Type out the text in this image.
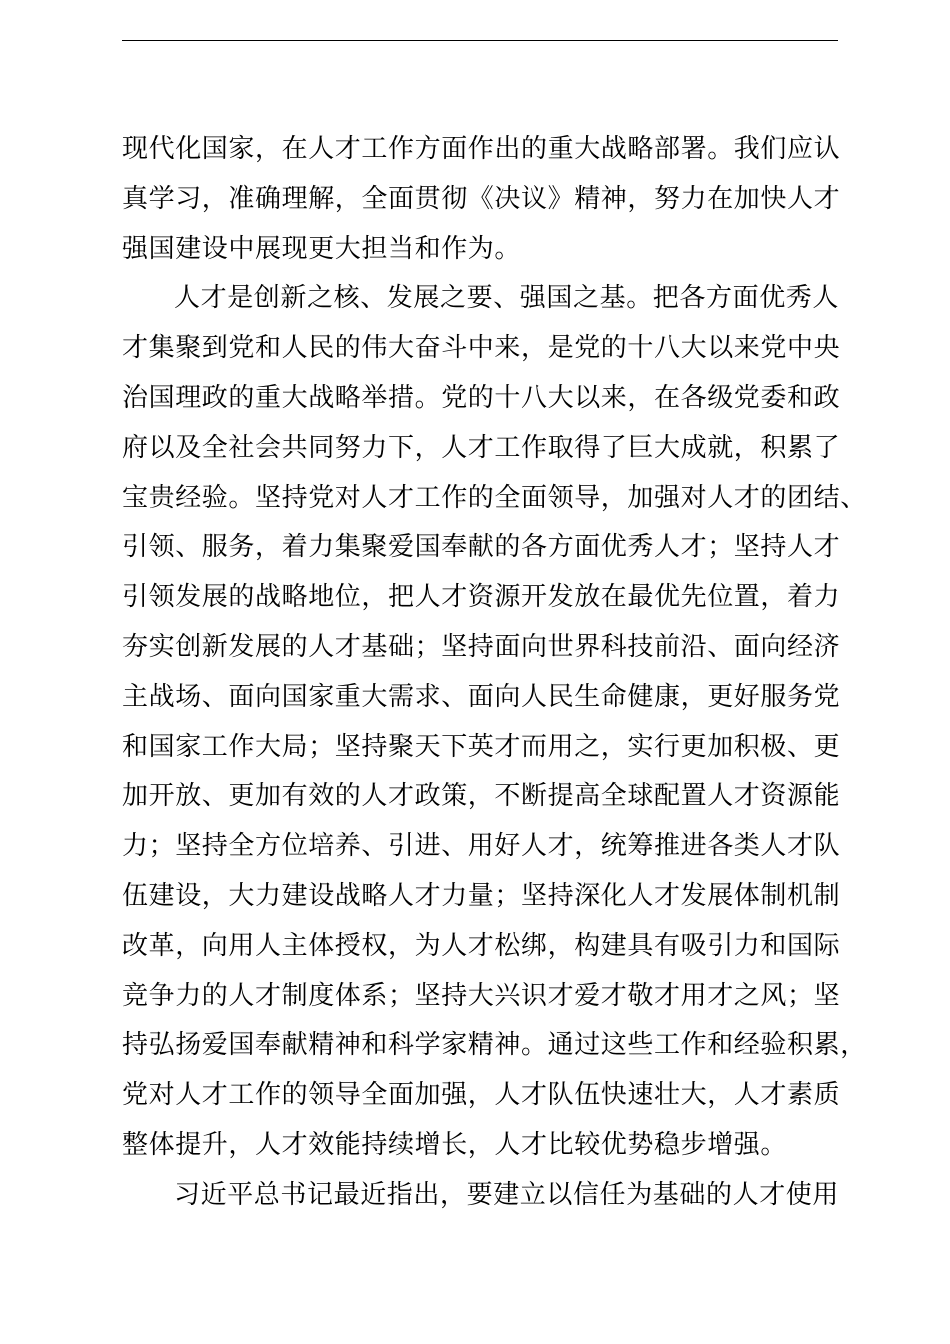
现代化国家，在人才工作方面作出的重大战略部署。我们应认
真学习，准确理解，全面贯彻《决议》精神，努力在加快人才
强国建设中展现更大担当和作为。
人才是创新之核、发展之要、强国之基。把各方面优秀人
才集聚到党和人民的伟大奋斗中来，是党的十八大以来党中央
治国理政的重大战略举措。党的十八大以来，在各级党委和政
府以及全社会共同努力下，人才工作取得了巨大成就，积累了
宝贵经验。坚持党对人才工作的全面领导，加强对人才的团结、
引领、服务，着力集聚爱国奉献的各方面优秀人才；坚持人才
引领发展的战略地位，把人才资源开发放在最优先位置，着力
夯实创新发展的人才基础；坚持面向世界科技前沿、面向经济
主战场、面向国家重大需求、面向人民生命健康，更好服务党
和国家工作大局；坚持聚天下英才而用之，实行更加积极、更
加开放、更加有效的人才政策，不断提高全球配置人才资源能
力；坚持全方位培养、引进、用好人才，统筹推进各类人才队
伍建设，大力建设战略人才力量；坚持深化人才发展体制机制
改革，向用人主体授权，为人才松绑，构建具有吸引力和国际
竞争力的人才制度体系；坚持大兴识才爱才敬才用才之风；坚
持弘扬爱国奉献精神和科学家精神。通过这些工作和经验积累，
党对人才工作的领导全面加强，人才队伍快速壮大，人才素质
整体提升，人才效能持续增长，人才比较优势稳步增强。
习近平总书记最近指出，要建立以信任为基础的人才使用
